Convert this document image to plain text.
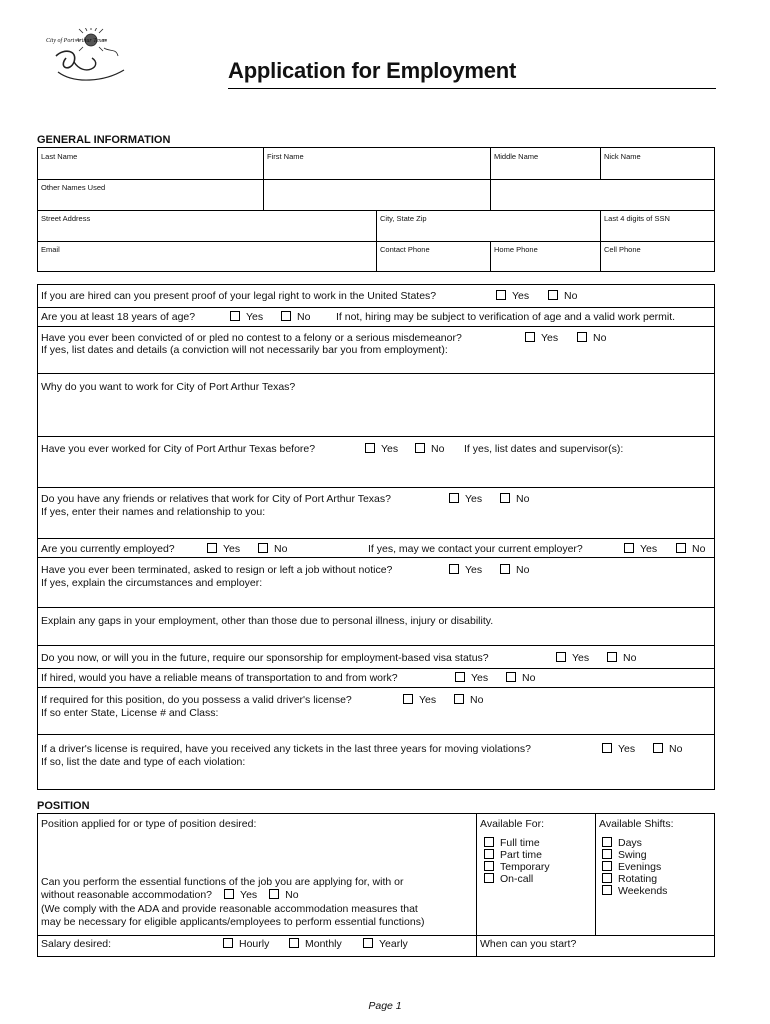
City of Port Arthur Texas
Application for Employment
GENERAL INFORMATION
Last Name	First Name	Middle Name	Nick Name
Other Names Used
Street Address	City, State Zip	Last 4 digits of SSN
Email	Contact Phone	Home Phone	Cell Phone
If you are hired can you present proof of your legal right to work in the United States?	Yes	No
Are you at least 18 years of age?	Yes	No If not, hiring may be subject to verification of age and a valid work permit.
Have you ever been convicted of or pled no contest to a felony or a serious misdemeanor?	Yes	No
If yes, list dates and details (a conviction will not necessarily bar you from employment):
Why do you want to work for City of Port Arthur Texas?
Have you ever worked for City of Port Arthur Texas before?	Yes	No If yes, list dates and supervisor(s):
Do you have any friends or relatives that work for City of Port Arthur Texas?	Yes	No
If yes, enter their names and relationship to you:
Are you currently employed?	Yes	No	If yes, may we contact your current employer?	Yes	No
Have you ever been terminated, asked to resign or left a job without notice?	Yes	No
If yes, explain the circumstances and employer:
Explain any gaps in your employment, other than those due to personal illness, injury or disability.
Do you now, or will you in the future, require our sponsorship for employment-based visa status?	Yes	No
If hired, would you have a reliable means of transportation to and from work?	Yes	No
If required for this position, do you possess a valid driver's license?	Yes	No
If so enter State, License # and Class:
If a driver's license is required, have you received any tickets in the last three years for moving violations?	Yes	No
If so, list the date and type of each violation:
POSITION
Position applied for or type of position desired:	Available For:	Available Shifts:
Full time
Part time
Temporary
On-call
Days
Swing
Evenings
Rotating
Weekends
Can you perform the essential functions of the job you are applying for, with or
without reasonable accommodation?	Yes	No
(We comply with the ADA and provide reasonable accommodation measures that
may be necessary for eligible applicants/employees to perform essential functions)
Salary desired:	Hourly	Monthly	Yearly	When can you start?
Page 1
